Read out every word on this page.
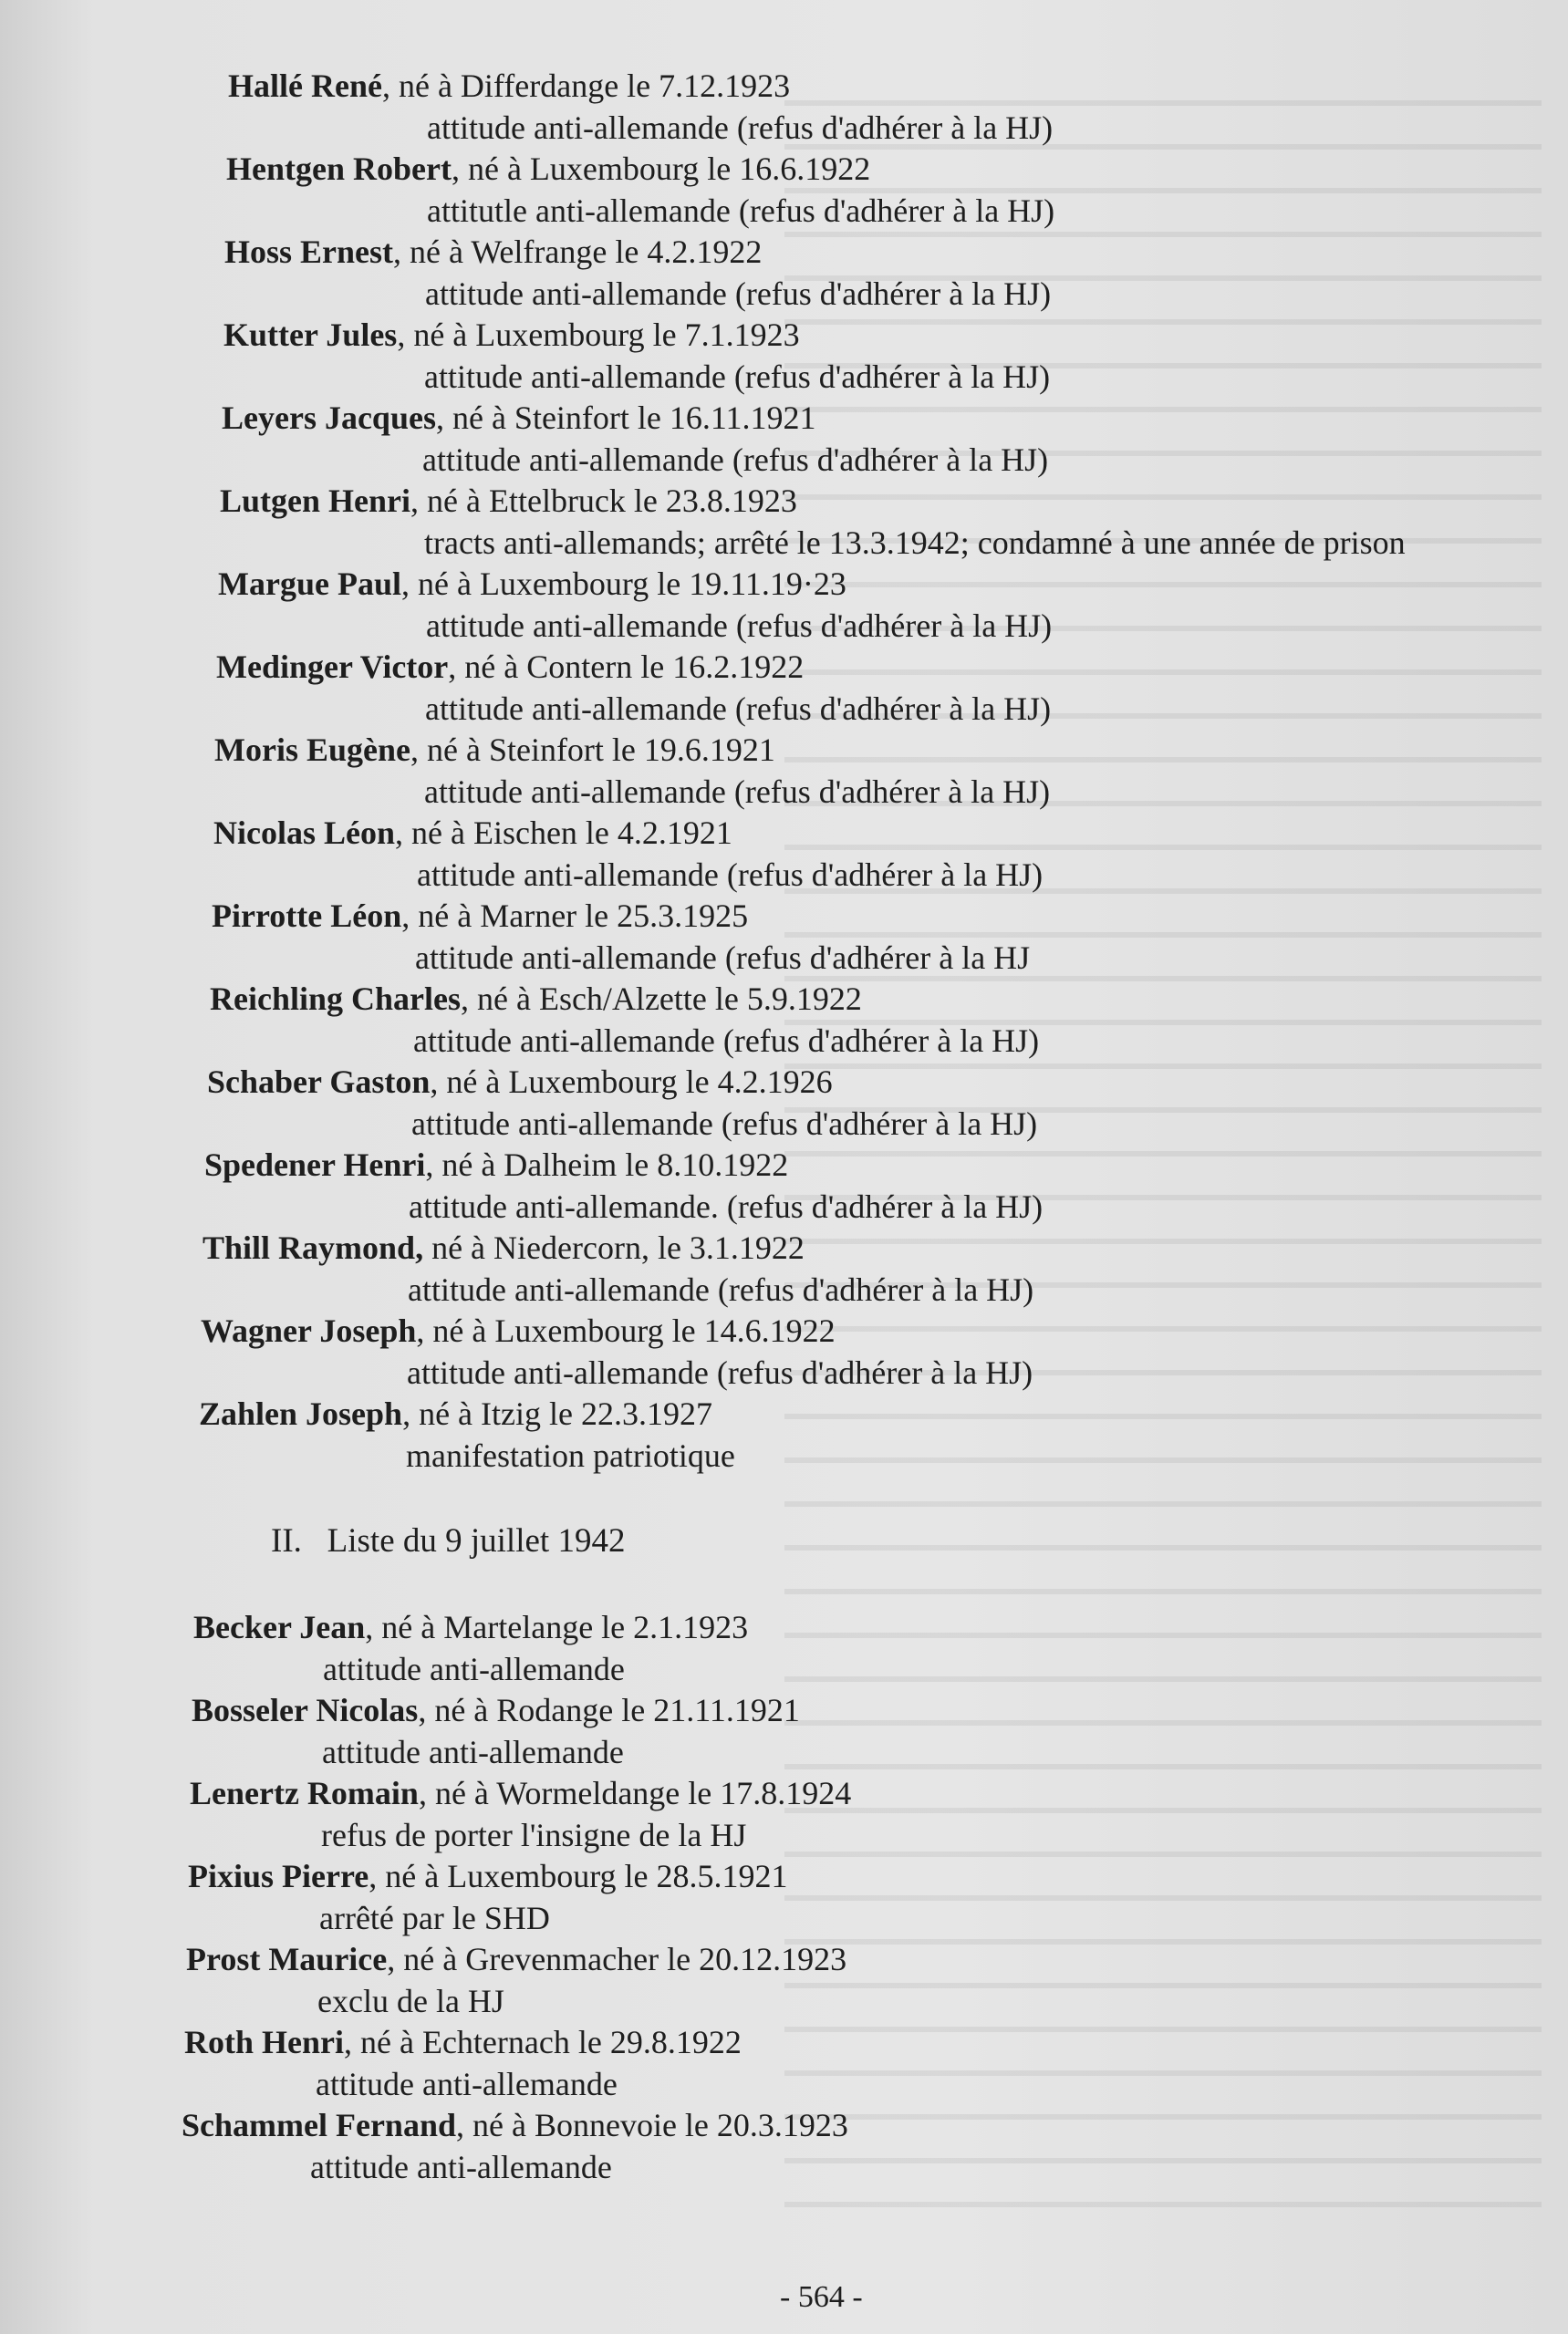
Hallé René, né à Differdange le 7.12.1923
attitude anti-allemande (refus d'adhérer à la HJ)
Hentgen Robert, né à Luxembourg le 16.6.1922
attitutle anti-allemande (refus d'adhérer à la HJ)
Hoss Ernest, né à Welfrange le 4.2.1922
attitude anti-allemande (refus d'adhérer à la HJ)
Kutter Jules, né à Luxembourg le 7.1.1923
attitude anti-allemande (refus d'adhérer à la HJ)
Leyers Jacques, né à Steinfort le 16.11.1921
attitude anti-allemande (refus d'adhérer à la HJ)
Lutgen Henri, né à Ettelbruck le 23.8.1923
tracts anti-allemands; arrêté le 13.3.1942; condamné à une année de prison
Margue Paul, né à Luxembourg le 19.11.19·23
attitude anti-allemande (refus d'adhérer à la HJ)
Medinger Victor, né à Contern le 16.2.1922
attitude anti-allemande (refus d'adhérer à la HJ)
Moris Eugène, né à Steinfort le 19.6.1921
attitude anti-allemande (refus d'adhérer à la HJ)
Nicolas Léon, né à Eischen le 4.2.1921
attitude anti-allemande (refus d'adhérer à la HJ)
Pirrotte Léon, né à Marner le 25.3.1925
attitude anti-allemande (refus d'adhérer à la HJ
Reichling Charles, né à Esch/Alzette le 5.9.1922
attitude anti-allemande (refus d'adhérer à la HJ)
Schaber Gaston, né à Luxembourg le 4.2.1926
attitude anti-allemande (refus d'adhérer à la HJ)
Spedener Henri, né à Dalheim le 8.10.1922
attitude anti-allemande. (refus d'adhérer à la HJ)
Thill Raymond, né à Niedercorn, le 3.1.1922
attitude anti-allemande (refus d'adhérer à la HJ)
Wagner Joseph, né à Luxembourg le 14.6.1922
attitude anti-allemande (refus d'adhérer à la HJ)
Zahlen Joseph, né à Itzig le 22.3.1927
manifestation patriotique
II.   Liste du 9 juillet 1942
Becker Jean, né à Martelange le 2.1.1923
attitude anti-allemande
Bosseler Nicolas, né à Rodange le 21.11.1921
attitude anti-allemande
Lenertz Romain, né à Wormeldange le 17.8.1924
refus de porter l'insigne de la HJ
Pixius Pierre, né à Luxembourg le 28.5.1921
arrêté par le SHD
Prost Maurice, né à Grevenmacher le 20.12.1923
exclu de la HJ
Roth Henri, né à Echternach le 29.8.1922
attitude anti-allemande
Schammel Fernand, né à Bonnevoie le 20.3.1923
attitude anti-allemande
- 564 -
